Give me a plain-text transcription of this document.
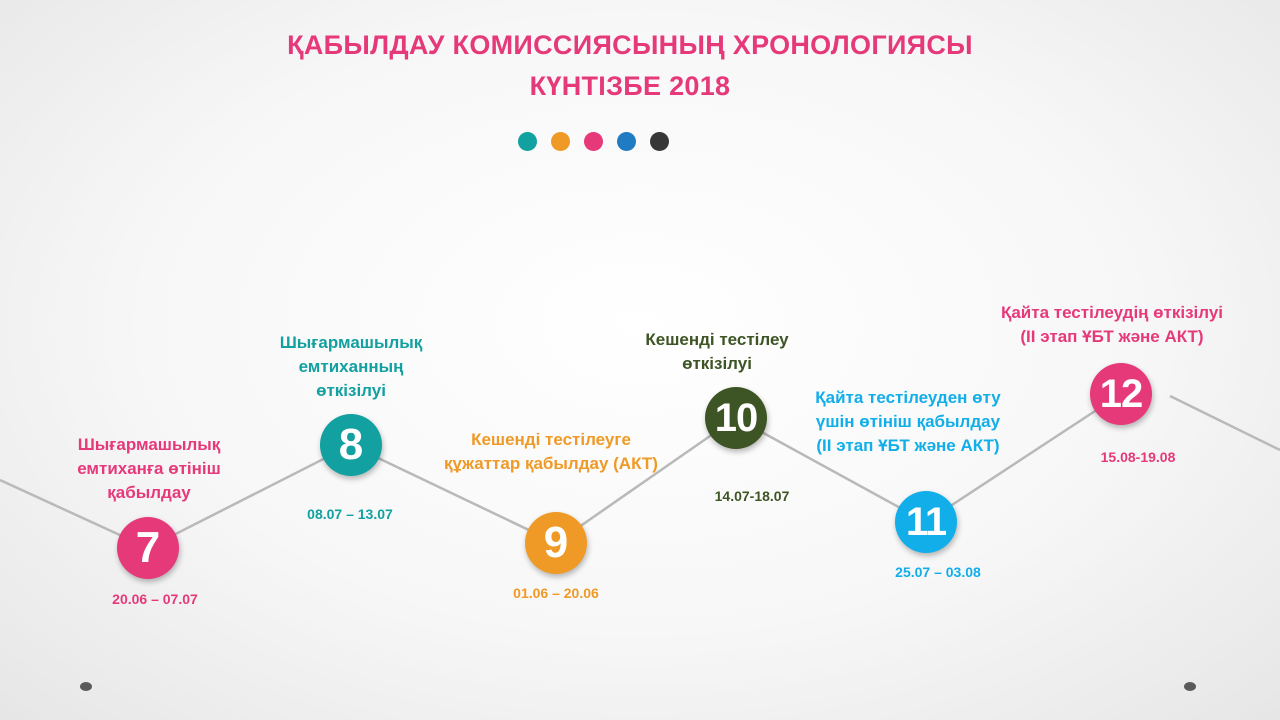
ҚАБЫЛДАУ КОМИССИЯСЫНЫҢ ХРОНОЛОГИЯСЫ
КҮНТІЗБЕ 2018
Шығармашылық
емтиханға өтініш
қабылдау
7
20.06 – 07.07
Шығармашылық
емтиханның
өткізілуі
8
08.07 – 13.07
Кешенді тестілеуге
құжаттар қабылдау (АКТ)
9
01.06 – 20.06
Кешенді тестілеу
өткізілуі
10
14.07-18.07
Қайта тестілеуден өту
үшін өтініш қабылдау
(II этап ҰБТ және АКТ)
11
25.07 – 03.08
Қайта тестілеудің өткізілуі
(II этап ҰБТ және АКТ)
12
15.08-19.08
